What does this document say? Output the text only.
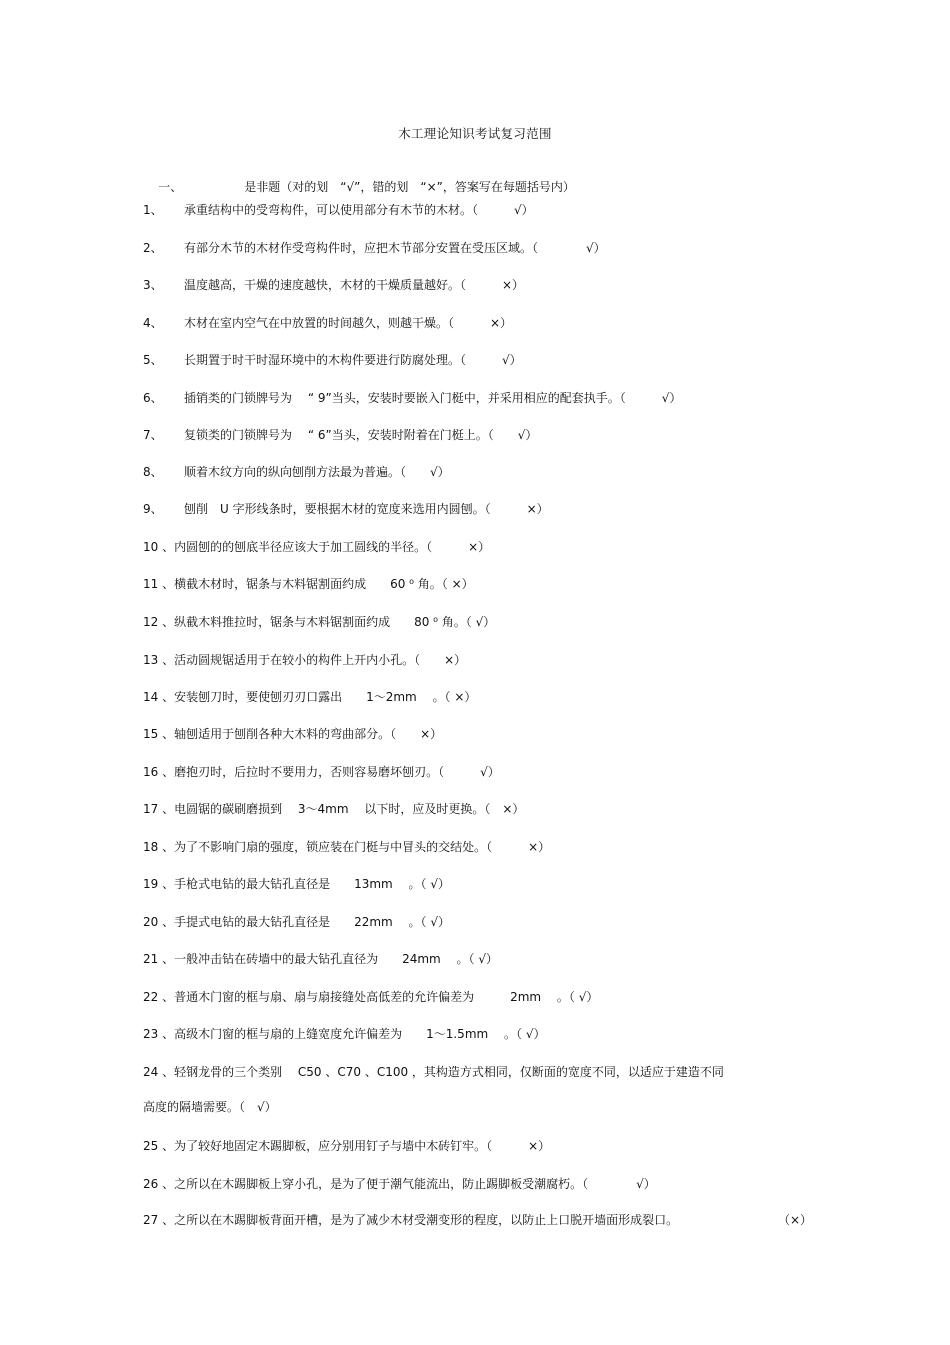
木工理论知识考试复习范围

一、	是非题（对的划　“√”，错的划　“×”，答案写在每题括号内）

1、 承重结构中的受弯构件，可以使用部分有木节的木材。（　　　√）
2、 有部分木节的木材作受弯构件时，应把木节部分安置在受压区域。（　　　　√）
3、 温度越高，干燥的速度越快，木材的干燥质量越好。（　　　×）
4、 木材在室内空气在中放置的时间越久，则越干燥。（　　　×）
5、 长期置于时干时湿环境中的木构件要进行防腐处理。（　　　√）
6、 插销类的门锁牌号为　 “ 9”当头，安装时要嵌入门梃中，并采用相应的配套执手。（　　　√）
7、 复锁类的门锁牌号为　 “ 6”当头，安装时附着在门梃上。（　　√）
8、 顺着木纹方向的纵向刨削方法最为普遍。（　　√）
9、 刨削　U 字形线条时，要根据木材的宽度来选用内圆刨。（　　　×）
10 、内圆刨的的刨底半径应该大于加工圆线的半径。（　　　×）
11 、横截木材时，锯条与木料锯割面约成　　60 ⁰ 角。（ ×）
12 、纵截木料推拉时，锯条与木料锯割面约成　　80 ⁰ 角。（ √）
13 、活动圆规锯适用于在较小的构件上开内小孔。（　　×）
14 、安装刨刀时，要使刨刃刃口露出　　1～2mm 　。（ ×）
15 、轴刨适用于刨削各种大木料的弯曲部分。（　　×）
16 、磨抱刃时，后拉时不要用力，否则容易磨坏刨刃。（　　　√）
17 、电圆锯的碳刷磨损到　 3～4mm 　以下时，应及时更换。（　×）
18 、为了不影响门扇的强度，锁应装在门梃与中冒头的交结处。（　　　×）
19 、手枪式电钻的最大钻孔直径是　　13mm 　。（ √）
20 、手提式电钻的最大钻孔直径是　　22mm 　。（ √）
21 、一般冲击钻在砖墙中的最大钻孔直径为　　24mm 　。（ √）
22 、普通木门窗的框与扇、扇与扇接缝处高低差的允许偏差为　　　2mm 　。（ √）
23 、高级木门窗的框与扇的上缝宽度允许偏差为　　1～1.5mm 　。（ √）
24 、轻钢龙骨的三个类别　 C50 、C70 、C100 ，其构造方式相同，仅断面的宽度不同，以适应于建造不同
高度的隔墙需要。（　√）
25 、为了较好地固定木踢脚板，应分别用钉子与墙中木砖钉牢。（　　　×）
26 、之所以在木踢脚板上穿小孔，是为了便于潮气能流出，防止踢脚板受潮腐朽。（　　　　√）
27 、之所以在木踢脚板背面开槽，是为了减少木材受潮变形的程度，以防止上口脱开墙面形成裂口。	（×）
